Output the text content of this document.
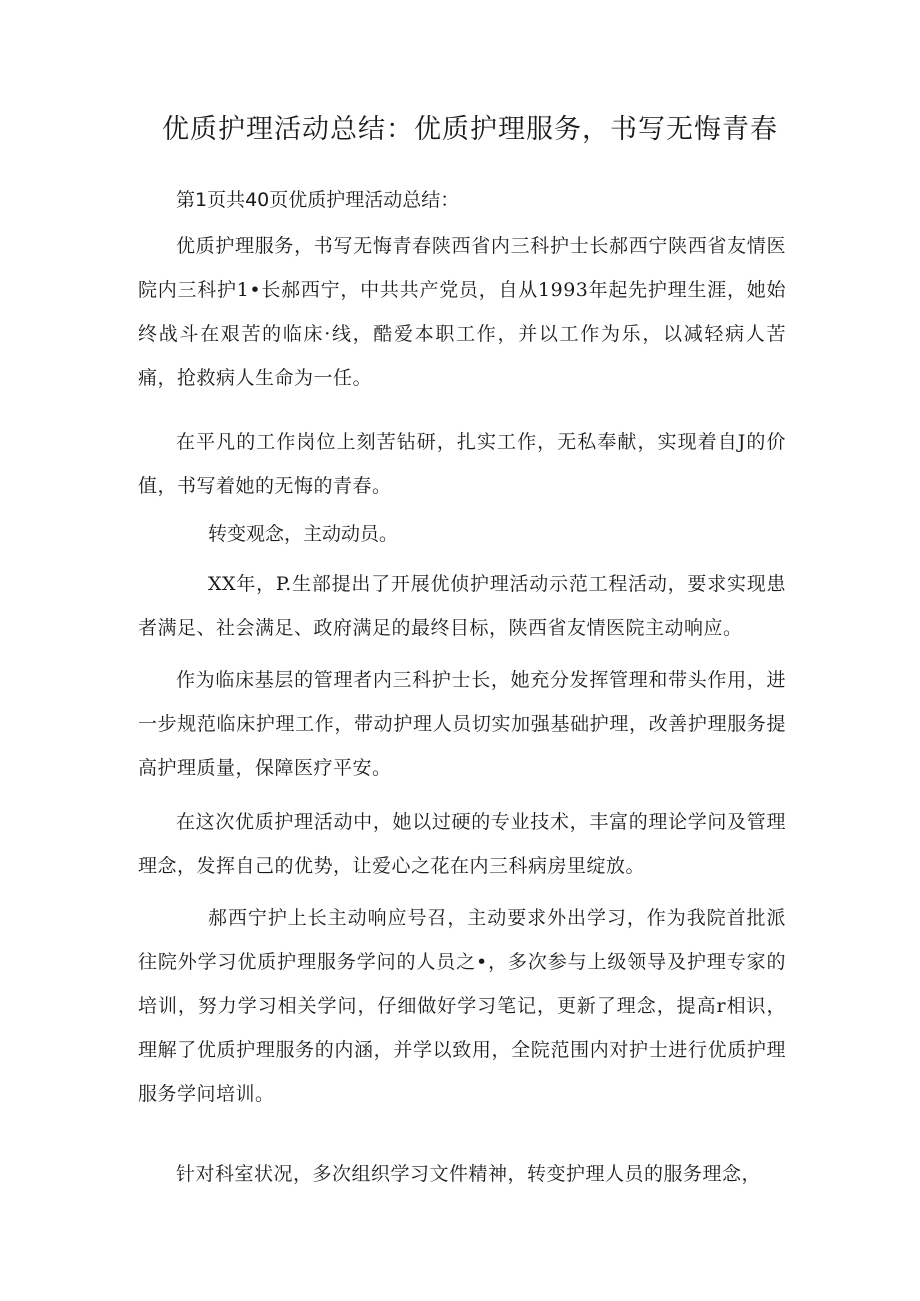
优质护理活动总结：优质护理服务，书写无悔青春
第1页共40页优质护理活动总结：
优质护理服务，书写无悔青春陕西省内三科护士长郝西宁陕西省友情医院内三科护1•长郝西宁，中共共产党员，自从1993年起先护理生涯，她始终战斗在艰苦的临床·线，酷爱本职工作，并以工作为乐，以减轻病人苦痛，抢救病人生命为一任。
在平凡的工作岗位上刻苦钻研，扎实工作，无私奉献，实现着自J的价值，书写着她的无悔的青春。
转变观念，主动动员。
XX年，P.生部提出了开展优侦护理活动示范工程活动，要求实现患者满足、社会满足、政府满足的最终目标，陕西省友情医院主动响应。
作为临床基层的管理者内三科护士长，她充分发挥管理和带头作用，进一步规范临床护理工作，带动护理人员切实加强基础护理，改善护理服务提高护理质量，保障医疗平安。
在这次优质护理活动中，她以过硬的专业技术，丰富的理论学问及管理理念，发挥自己的优势，让爱心之花在内三科病房里绽放。
郝西宁护上长主动响应号召，主动要求外出学习，作为我院首批派往院外学习优质护理服务学问的人员之•，多次参与上级领导及护理专家的培训，努力学习相关学问，仔细做好学习笔记，更新了理念，提高r相识，理解了优质护理服务的内涵，并学以致用，全院范围内对护士进行优质护理服务学问培训。
针对科室状况，多次组织学习文件精神，转变护理人员的服务理念，
